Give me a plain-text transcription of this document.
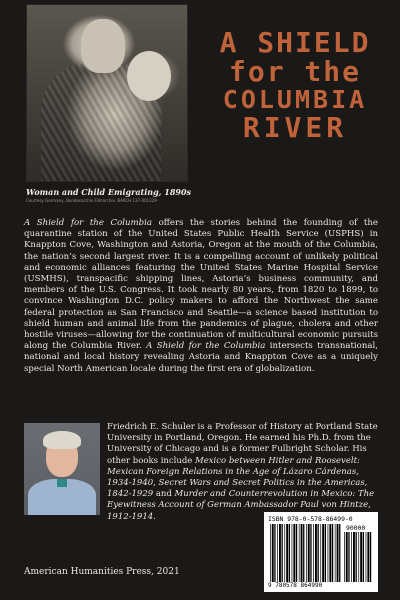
Woman and Child Emigrating, 1890s
Courtesy Germany, Bundesarchiv Filmarchiv, BARCH 137-001229
A SHIELD
for the
COLUMBIA
RIVER
A Shield for the Columbia offers the stories behind the founding of the quarantine station of the United States Public Health Service (USPHS) in Knappton Cove, Washington and Astoria, Oregon at the mouth of the Columbia, the nation’s second largest river. It is a compelling account of unlikely political and economic alliances featuring the United States Marine Hospital Service (USMHS), transpacific shipping lines, Astoria’s business community, and members of the U.S. Congress. It took nearly 80 years, from 1820 to 1899, to convince Washington D.C. policy makers to afford the Northwest the same federal protection as San Francisco and Seattle—a science based institution to shield human and animal life from the pandemics of plague, cholera and other hostile viruses—allowing for the continuation of multicultural economic pursuits along the Columbia River. A Shield for the Columbia intersects transnational, national and local history revealing Astoria and Knappton Cove as a uniquely special North American locale during the first era of globalization.
Friedrich E. Schuler is a Professor of History at Portland State University in Portland, Oregon. He earned his Ph.D. from the University of Chicago and is a former Fulbright Scholar. His other books include Mexico between Hitler and Roosevelt: Mexican Foreign Relations in the Age of Lázaro Cárdenas, 1934-1940, Secret Wars and Secret Politics in the Americas, 1842-1929 and Murder and Counterrevolution in Mexico: The Eyewitness Account of German Ambassador Paul von Hintze, 1912-1914.
American Humanities Press, 2021
ISBN 978-0-578-86499-0
90000
9 780578 864990
